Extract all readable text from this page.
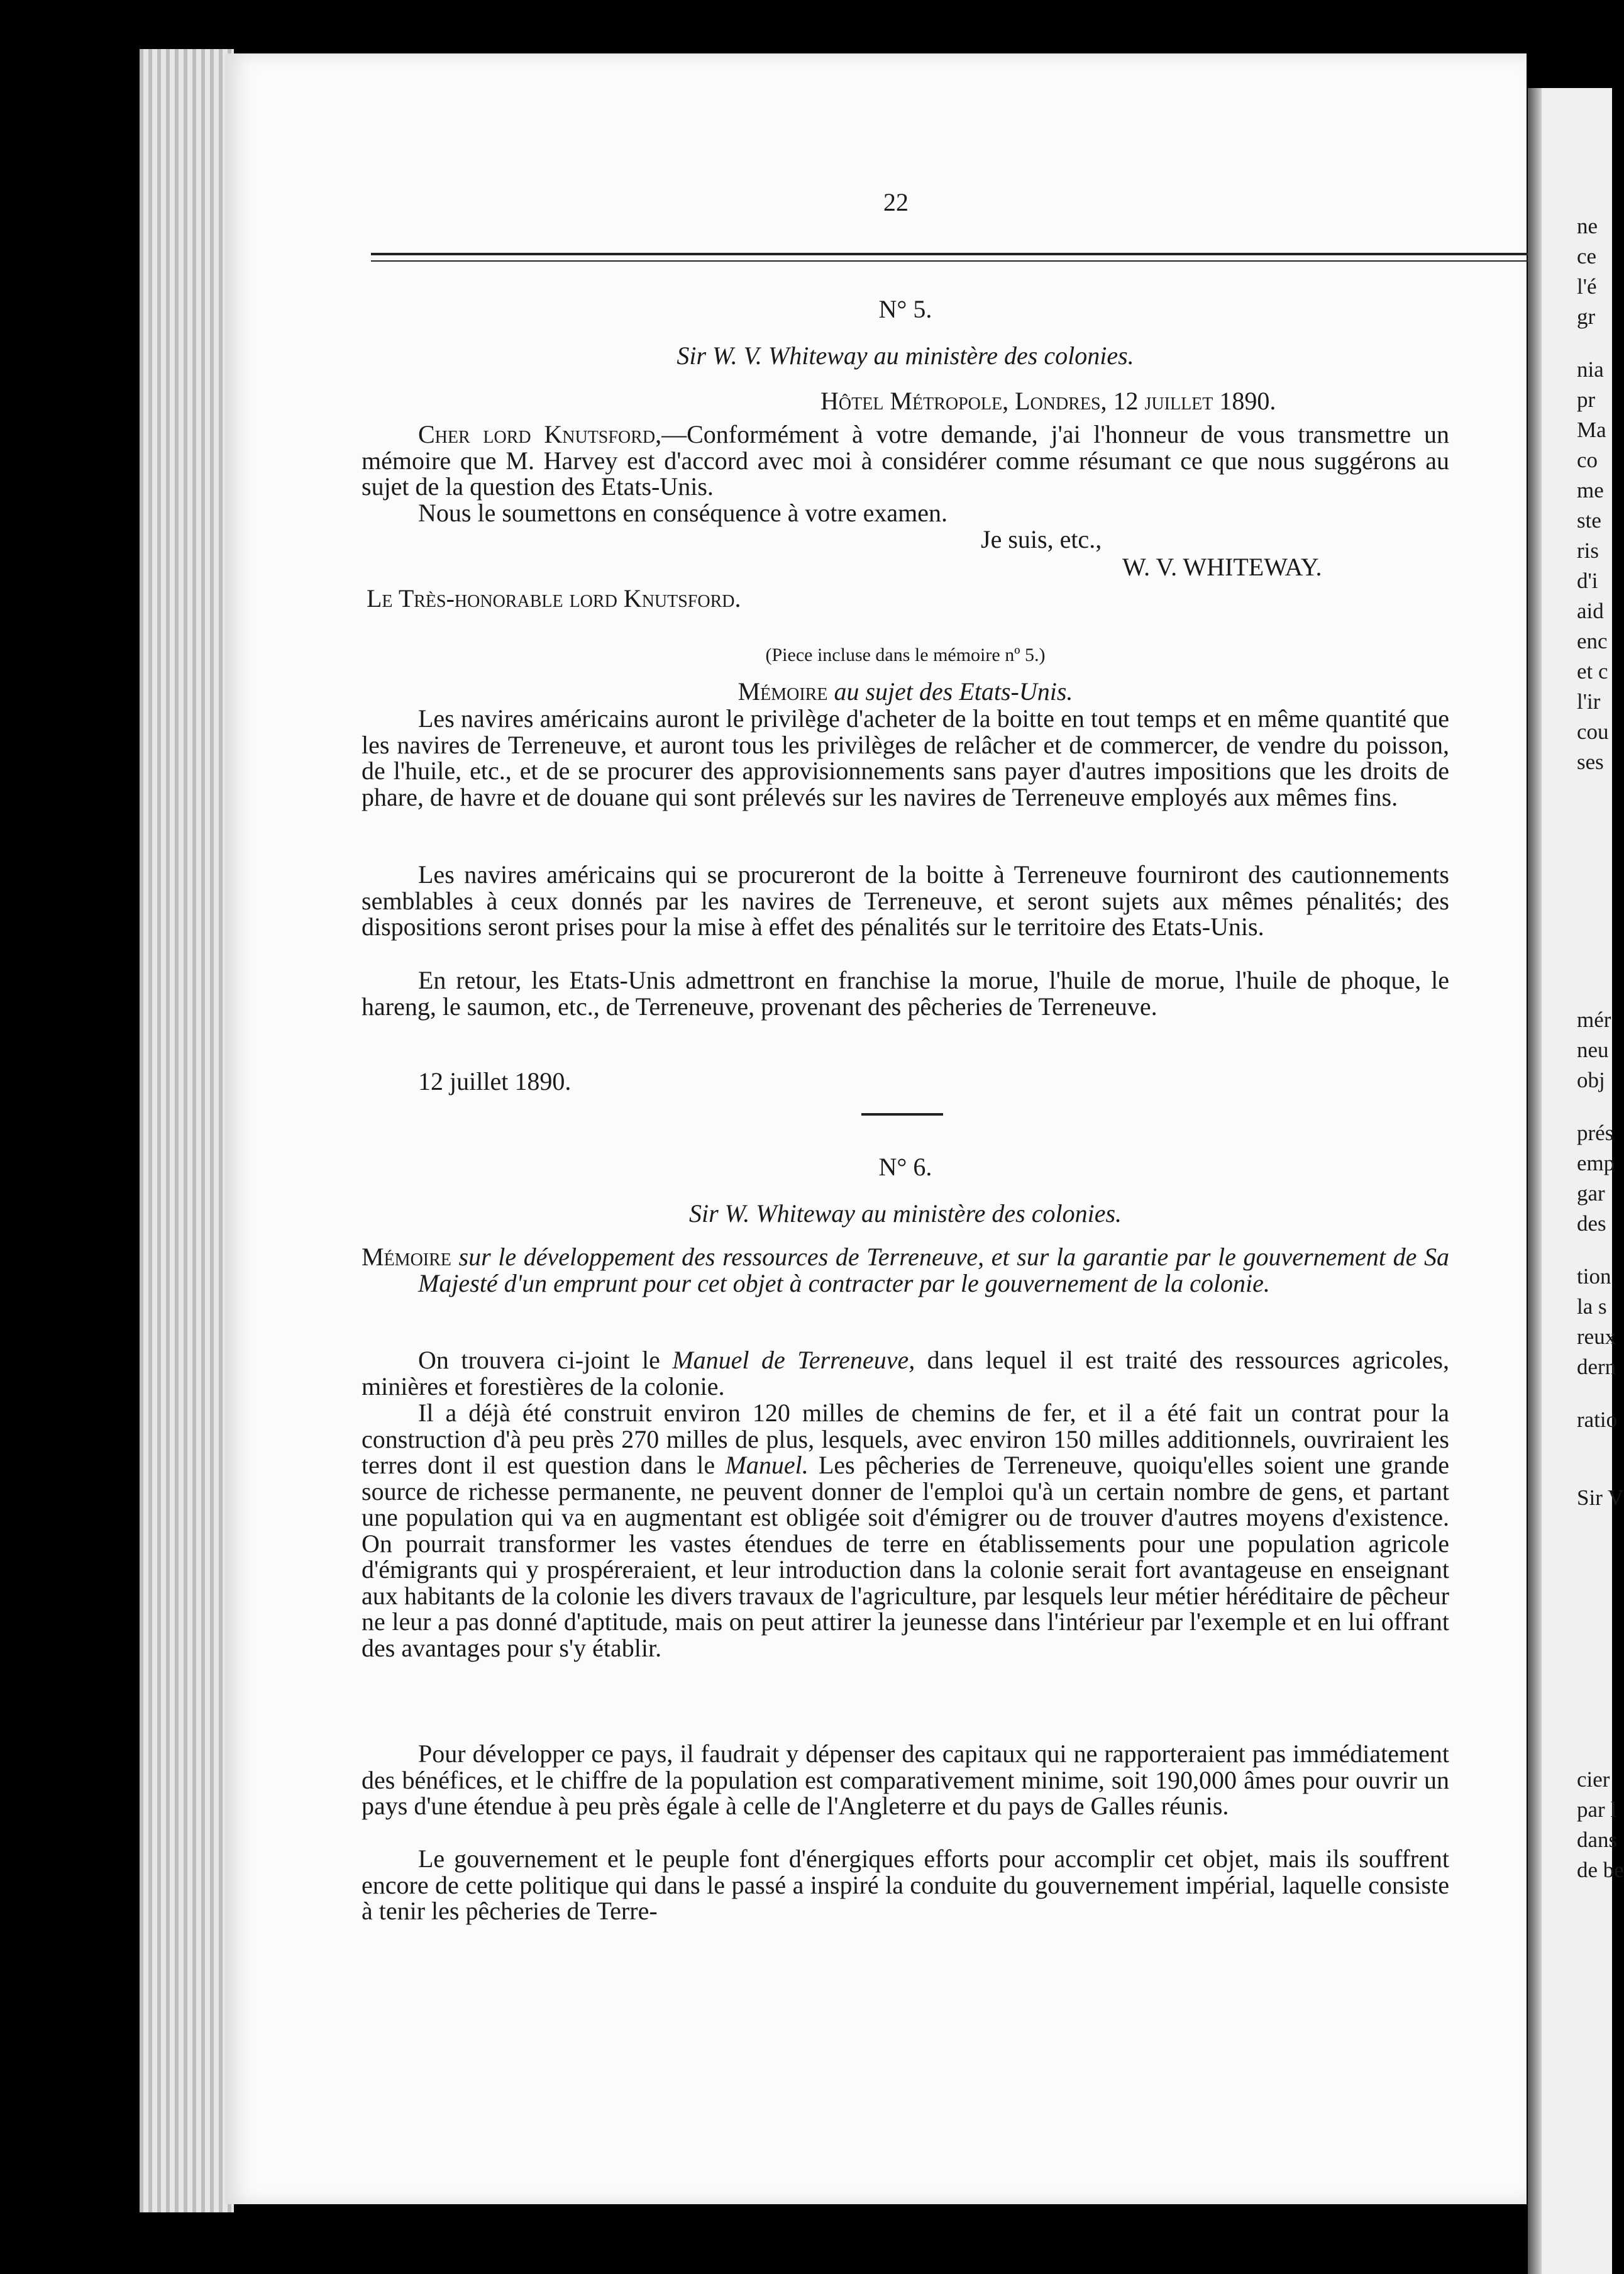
ne
ce
l'é
gr
nia
pr
Ma
co
me
ste
ris
d'i
aid
enc
et c
l'ir
cou
ses
mér
neu
obj
prés
emp
gar
des
tion
la s
reux
dern
ratio
Sir V
cier
par l
dans
de be
22
N° 5.
Sir W. V. Whiteway au ministère des colonies.
Hôtel Métropole, Londres, 12 juillet 1890.
Cher lord Knutsford,—Conformément à votre demande, j'ai l'honneur de vous transmettre un mémoire que M. Harvey est d'accord avec moi à considérer comme résumant ce que nous suggérons au sujet de la question des Etats-Unis.
Nous le soumettons en conséquence à votre examen.
Je suis, etc.,
W. V. WHITEWAY.
Le Très-honorable lord Knutsford.
(Piece incluse dans le mémoire nº 5.)
Mémoire au sujet des Etats-Unis.
Les navires américains auront le privilège d'acheter de la boitte en tout temps et en même quantité que les navires de Terreneuve, et auront tous les privilèges de relâcher et de commercer, de vendre du poisson, de l'huile, etc., et de se procurer des approvisionnements sans payer d'autres impositions que les droits de phare, de havre et de douane qui sont prélevés sur les navires de Terreneuve employés aux mêmes fins.
Les navires américains qui se procureront de la boitte à Terreneuve fourniront des cautionnements semblables à ceux donnés par les navires de Terreneuve, et seront sujets aux mêmes pénalités; des dispositions seront prises pour la mise à effet des pénalités sur le territoire des Etats-Unis.
En retour, les Etats-Unis admettront en franchise la morue, l'huile de morue, l'huile de phoque, le hareng, le saumon, etc., de Terreneuve, provenant des pêcheries de Terreneuve.
12 juillet 1890.
N° 6.
Sir W. Whiteway au ministère des colonies.
Mémoire sur le développement des ressources de Terreneuve, et sur la garantie par le gouvernement de Sa Majesté d'un emprunt pour cet objet à contracter par le gouvernement de la colonie.
On trouvera ci-joint le Manuel de Terreneuve, dans lequel il est traité des ressources agricoles, minières et forestières de la colonie.
Il a déjà été construit environ 120 milles de chemins de fer, et il a été fait un contrat pour la construction d'à peu près 270 milles de plus, lesquels, avec environ 150 milles additionnels, ouvriraient les terres dont il est question dans le Manuel. Les pêcheries de Terreneuve, quoiqu'elles soient une grande source de richesse permanente, ne peuvent donner de l'emploi qu'à un certain nombre de gens, et partant une population qui va en augmentant est obligée soit d'émigrer ou de trouver d'autres moyens d'existence. On pourrait transformer les vastes étendues de terre en établissements pour une population agricole d'émigrants qui y prospéreraient, et leur introduction dans la colonie serait fort avantageuse en enseignant aux habitants de la colonie les divers travaux de l'agriculture, par lesquels leur métier héréditaire de pêcheur ne leur a pas donné d'aptitude, mais on peut attirer la jeunesse dans l'intérieur par l'exemple et en lui offrant des avantages pour s'y établir.
Pour développer ce pays, il faudrait y dépenser des capitaux qui ne rapporteraient pas immédiatement des bénéfices, et le chiffre de la population est comparativement minime, soit 190,000 âmes pour ouvrir un pays d'une étendue à peu près égale à celle de l'Angleterre et du pays de Galles réunis.
Le gouvernement et le peuple font d'énergiques efforts pour accomplir cet objet, mais ils souffrent encore de cette politique qui dans le passé a inspiré la conduite du gouvernement impérial, laquelle consiste à tenir les pêcheries de Terre-
